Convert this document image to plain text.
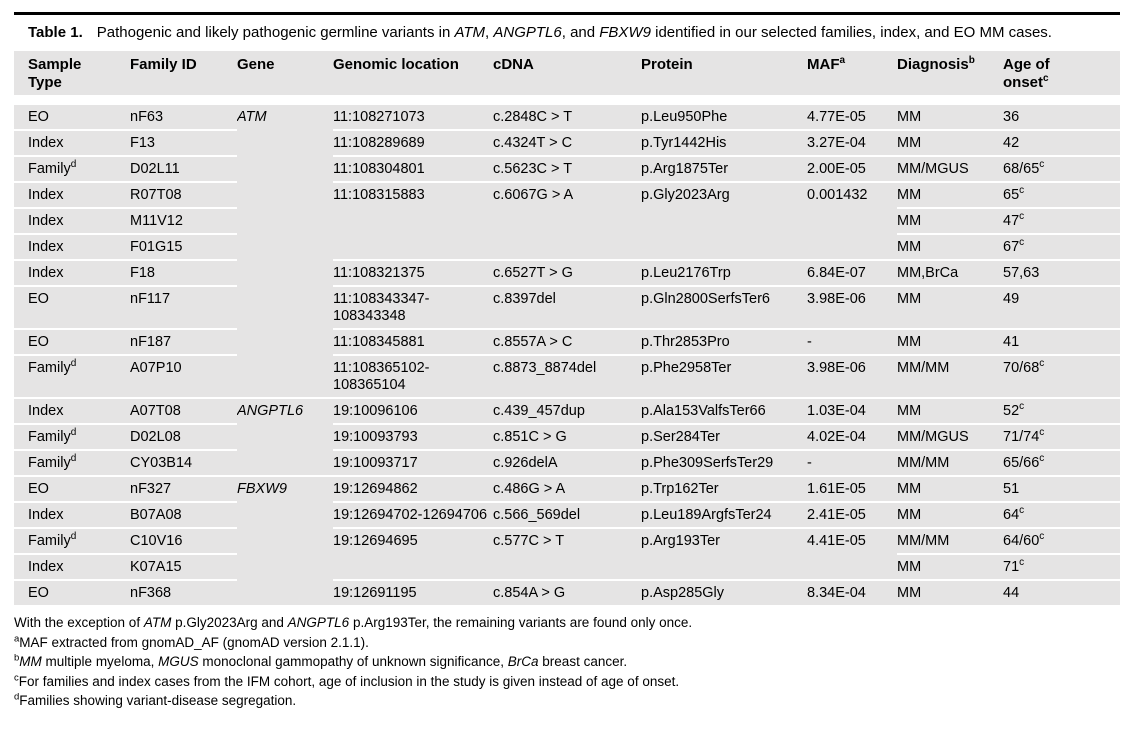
Table 1. Pathogenic and likely pathogenic germline variants in ATM, ANGPTL6, and FBXW9 identified in our selected families, index, and EO MM cases.

Sample Type	Family ID	Gene	Genomic location	cDNA	Protein	MAF$^a$	Diagnosis$^b$	Age of onset$^c$
EO	nF63	ATM	11:108271073	c.2848C > T	p.Leu950Phe	4.77E-05	MM	36
Index	F13		11:108289689	c.4324T > C	p.Tyr1442His	3.27E-04	MM	42
Family$^d$	D02L11		11:108304801	c.5623C > T	p.Arg1875Ter	2.00E-05	MM/MGUS	68/65$^c$
Index	R07T08		11:108315883	c.6067G > A	p.Gly2023Arg	0.001432	MM	65$^c$
Index	M11V12						MM	47$^c$
Index	F01G15						MM	67$^c$
Index	F18		11:108321375	c.6527T > G	p.Leu2176Trp	6.84E-07	MM,BrCa	57,63
EO	nF117		11:108343347-108343348	c.8397del	p.Gln2800SerfsTer6	3.98E-06	MM	49
EO	nF187		11:108345881	c.8557A > C	p.Thr2853Pro	-	MM	41
Family$^d$	A07P10		11:108365102-108365104	c.8873_8874del	p.Phe2958Ter	3.98E-06	MM/MM	70/68$^c$
Index	A07T08	ANGPTL6	19:10096106	c.439_457dup	p.Ala153ValfsTer66	1.03E-04	MM	52$^c$
Family$^d$	D02L08		19:10093793	c.851C > G	p.Ser284Ter	4.02E-04	MM/MGUS	71/74$^c$
Family$^d$	CY03B14		19:10093717	c.926delA	p.Phe309SerfsTer29	-	MM/MM	65/66$^c$
EO	nF327	FBXW9	19:12694862	c.486G > A	p.Trp162Ter	1.61E-05	MM	51
Index	B07A08		19:12694702-12694706	c.566_569del	p.Leu189ArgfsTer24	2.41E-05	MM	64$^c$
Family$^d$	C10V16		19:12694695	c.577C > T	p.Arg193Ter	4.41E-05	MM/MM	64/60$^c$
Index	K07A15						MM	71$^c$
EO	nF368		19:12691195	c.854A > G	p.Asp285Gly	8.34E-04	MM	44

With the exception of ATM p.Gly2023Arg and ANGPTL6 p.Arg193Ter, the remaining variants are found only once.

$^a$MAF extracted from gnomAD_AF (gnomAD version 2.1.1).

$^b$MM multiple myeloma, MGUS monoclonal gammopathy of unknown significance, BrCa breast cancer.

$^c$For families and index cases from the IFM cohort, age of inclusion in the study is given instead of age of onset.

$^d$Families showing variant-disease segregation.
